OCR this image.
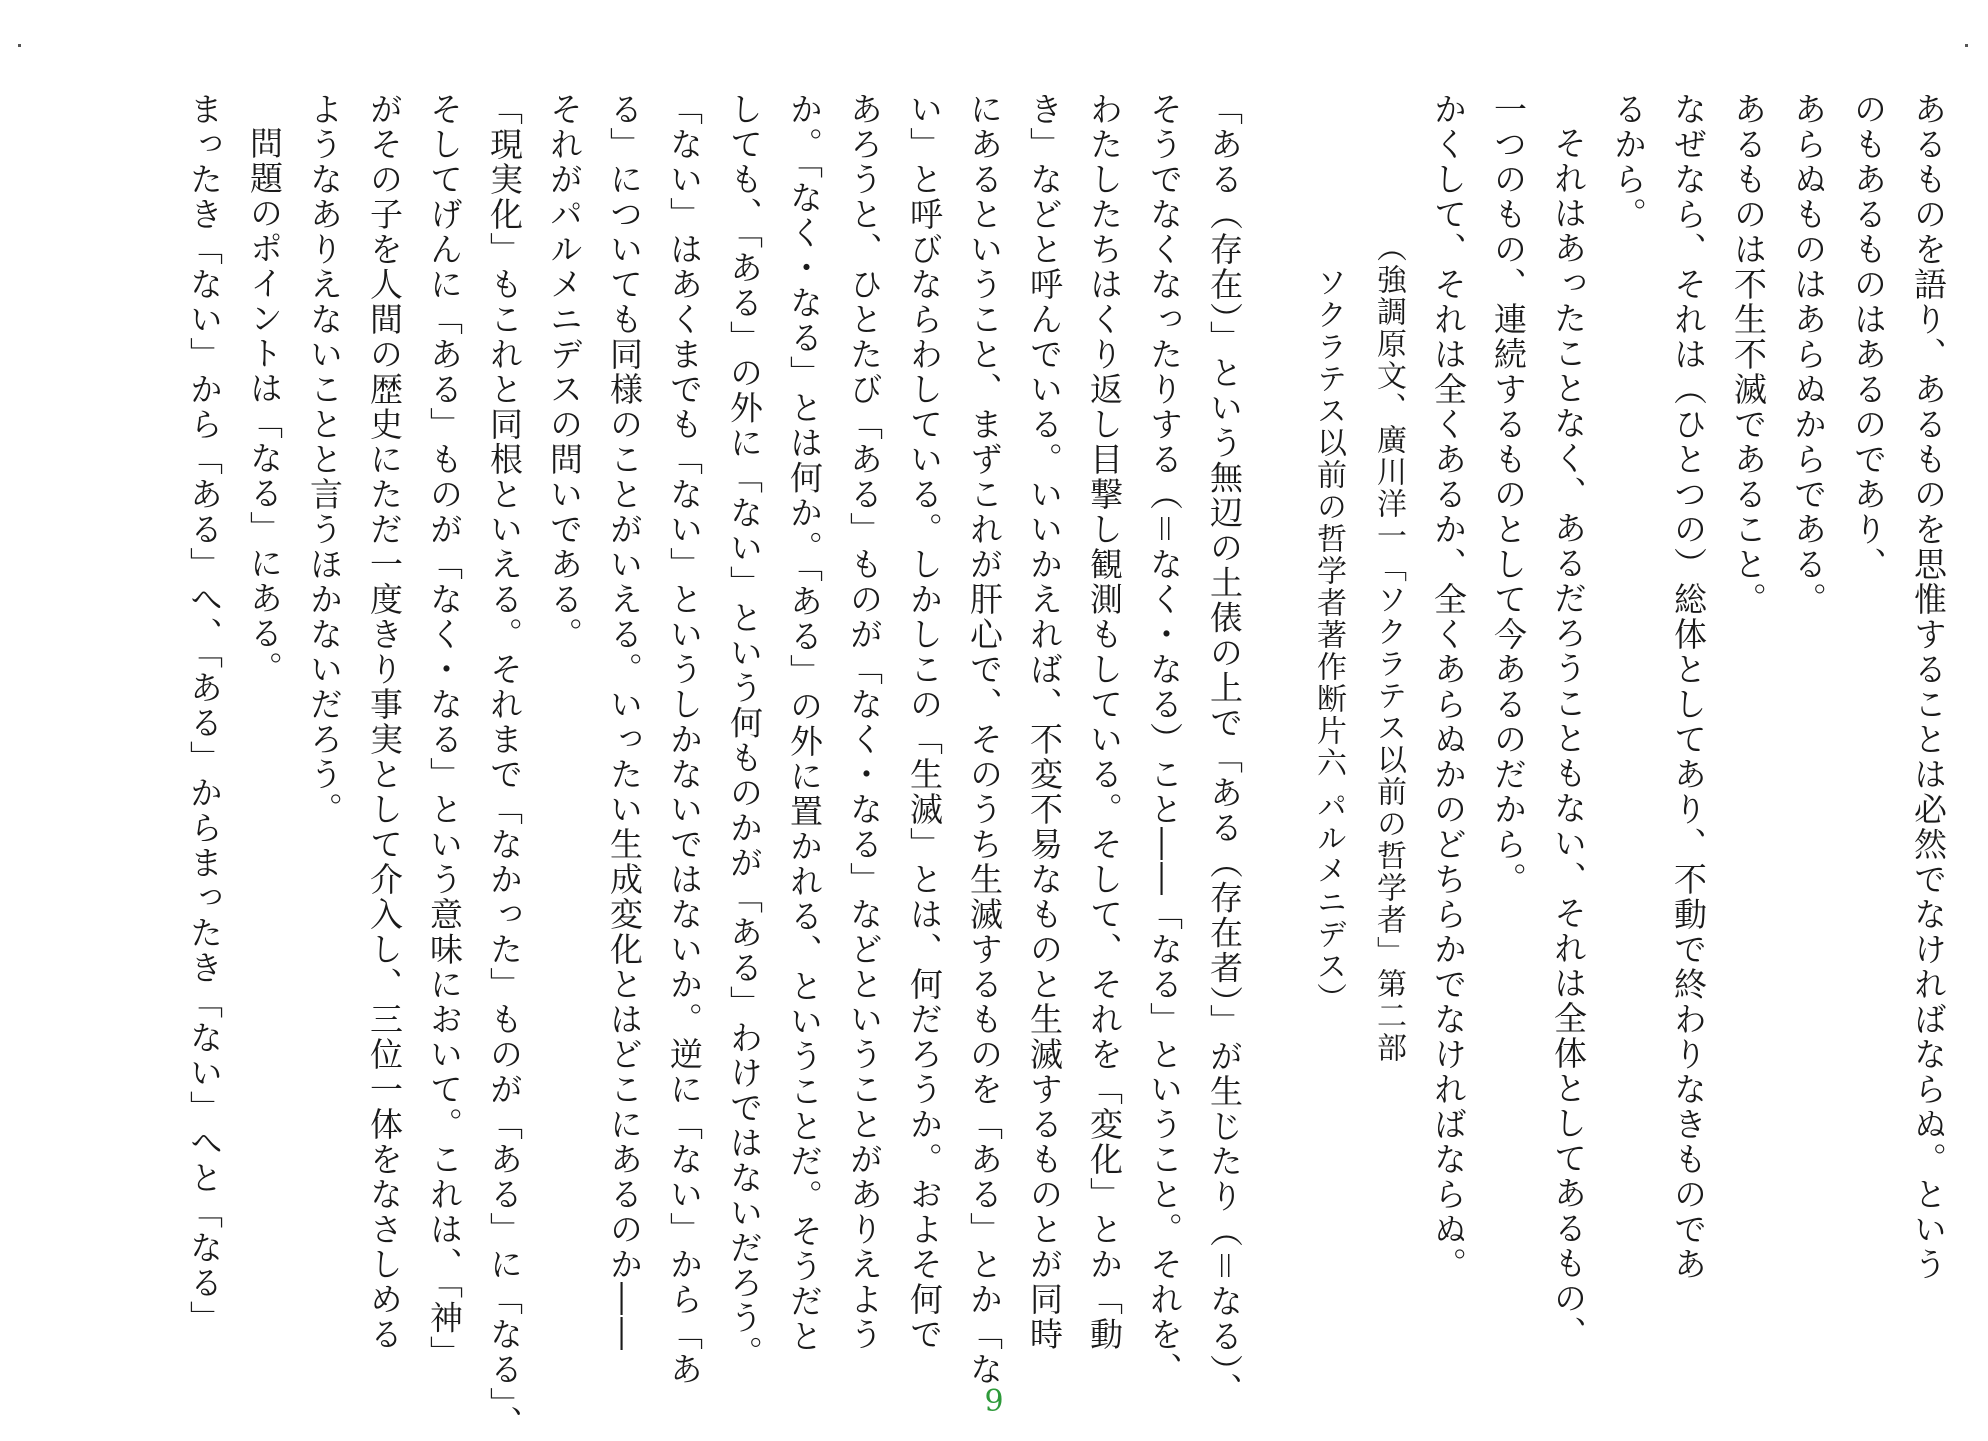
あるものを語り、あるものを思惟することは必然でなければならぬ。という
のもあるものはあるのであり、
あらぬものはあらぬからである。
あるものは不生不滅であること。
なぜなら、それは（ひとつの）総体としてあり、不動で終わりなきものであ
るから。
それはあったことなく、あるだろうこともない、それは全体としてあるもの、
一つのもの、連続するものとして今あるのだから。
かくして、それは全くあるか、全くあらぬかのどちらかでなければならぬ。
（強調原文、廣川洋一「ソクラテス以前の哲学者」第二部
ソクラテス以前の哲学者著作断片六 パルメニデス）
「ある（存在）」という無辺の土俵の上で「ある（存在者）」が生じたり（＝なる）、
そうでなくなったりする（＝なく・なる）こと――「なる」ということ。それを、
わたしたちはくり返し目撃し観測もしている。そして、それを「変化」とか「動
き」などと呼んでいる。いいかえれば、不変不易なものと生滅するものとが同時
にあるということ、まずこれが肝心で、そのうち生滅するものを「ある」とか「な
い」と呼びならわしている。しかしこの「生滅」とは、何だろうか。およそ何で
あろうと、ひとたび「ある」ものが「なく・なる」などということがありえよう
か。「なく・なる」とは何か。「ある」の外に置かれる、ということだ。そうだと
しても、「ある」の外に「ない」という何ものかが「ある」わけではないだろう。
「ない」はあくまでも「ない」というしかないではないか。逆に「ない」から「あ
る」についても同様のことがいえる。いったい生成変化とはどこにあるのか――
それがパルメニデスの問いである。
「現実化」もこれと同根といえる。それまで「なかった」ものが「ある」に「なる」、
そしてげんに「ある」ものが「なく・なる」という意味において。これは、「神」
がその子を人間の歴史にただ一度きり事実として介入し、三位一体をなさしめる
ようなありえないことと言うほかないだろう。
問題のポイントは「なる」にある。
まったき「ない」から「ある」へ、「ある」からまったき「ない」へと「なる」
9
